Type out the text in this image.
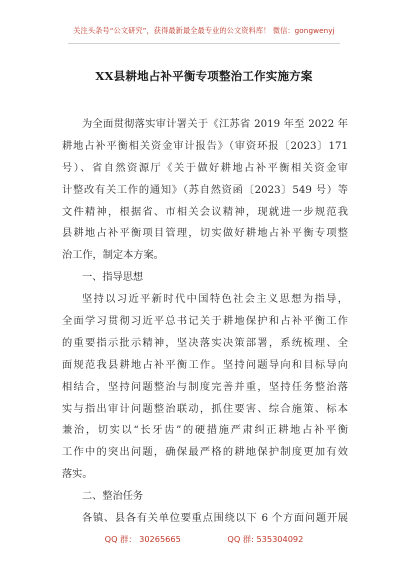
关注头条号“公文研究”，获得最新最全最专业的公文资料库！ 微信：gongwenyj
XX县耕地占补平衡专项整治工作实施方案
为全面贯彻落实审计署关于《江苏省 2019 年至 2022 年
耕地占补平衡相关资金审计报告》（审资环报〔2023〕171
号）、省自然资源厅《关于做好耕地占补平衡相关资金审
计整改有关工作的通知》（苏自然资函〔2023〕549 号）等
文件精神，根据省、市相关会议精神，现就进一步规范我
县耕地占补平衡项目管理，切实做好耕地占补平衡专项整
治工作，制定本方案。
一、指导思想
坚持以习近平新时代中国特色社会主义思想为指导，
全面学习贯彻习近平总书记关于耕地保护和占补平衡工作
的重要指示批示精神，坚决落实决策部署，系统梳理、全
面规范我县耕地占补平衡工作。坚持问题导向和目标导向
相结合，坚持问题整治与制度完善并重，坚持任务整治落
实与指出审计问题整治联动，抓住要害、综合施策、标本
兼治，切实以“长牙齿”的硬措施严肃纠正耕地占补平衡
工作中的突出问题，确保最严格的耕地保护制度更加有效
落实。
二、整治任务
各镇、县各有关单位要重点围绕以下 6 个方面问题开展
QQ 群： 30265665	QQ 群: 535304092
